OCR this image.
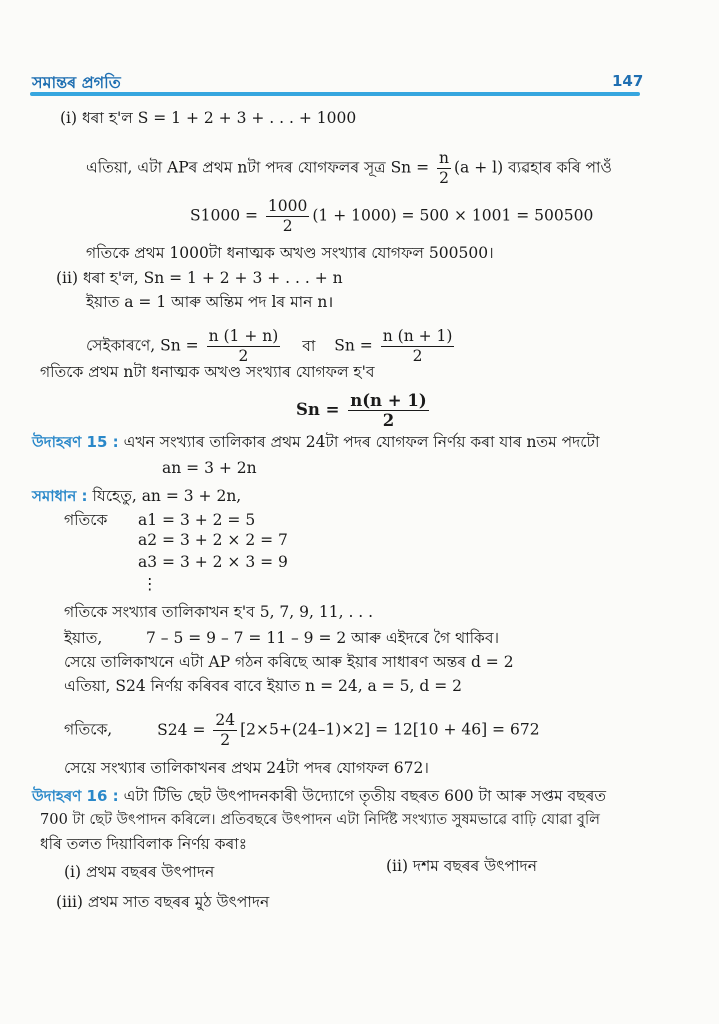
সমান্তৰ প্ৰগতি	147
(i) ধৰা হ'ল S = 1 + 2 + 3 + . . . + 1000
এতিয়া, এটা APৰ প্ৰথম nটা পদৰ যোগফলৰ সূত্ৰ $Sn = \frac{n}{2} (a + l)$ ব্যৱহাৰ কৰি পাওঁ
$S1000 = \frac{1000}{2} (1 + 1000) = 500 \times 1001 = 500500$
গতিকে প্ৰথম 1000টা ধনাত্মক অখণ্ড সংখ্যাৰ যোগফল 500500।
(ii) ধৰা হ'ল, Sn = 1 + 2 + 3 + . . . + n
ইয়াত a = 1 আৰু অন্তিম পদ lৰ মান n।
সেইকাৰণে, $Sn = \frac{n (1 + n)}{2}$ বা $Sn = \frac{n (n + 1)}{2}$
গতিকে প্ৰথম nটা ধনাত্মক অখণ্ড সংখ্যাৰ যোগফল হ'ব
$Sn = \frac{n(n + 1)}{2}$
উদাহৰণ 15 : এখন সংখ্যাৰ তালিকাৰ প্ৰথম 24টা পদৰ যোগফল নিৰ্ণয় কৰা যাৰ nতম পদটো
an = 3 + 2n
সমাধান : যিহেতু, an = 3 + 2n,
গতিকে a1 = 3 + 2 = 5
a2 = 3 + 2 × 2 = 7
a3 = 3 + 2 × 3 = 9
⋮
গতিকে সংখ্যাৰ তালিকাখন হ'ব 5, 7, 9, 11, . . .
ইয়াত,	7 – 5 = 9 – 7 = 11 – 9 = 2 আৰু এইদৰে গৈ থাকিব।
সেয়ে তালিকাখনে এটা AP গঠন কৰিছে আৰু ইয়াৰ সাধাৰণ অন্তৰ d = 2
এতিয়া, S24 নিৰ্ণয় কৰিবৰ বাবে ইয়াত n = 24, a = 5, d = 2
গতিকে,	$S24 = \frac{24}{2} [2\times 5+(24-1)\times 2] = 12[10 + 46] = 672$
সেয়ে সংখ্যাৰ তালিকাখনৰ প্ৰথম 24টা পদৰ যোগফল 672।
উদাহৰণ 16 : এটা টিভি ছেট উৎপাদনকাৰী উদ্যোগে তৃতীয় বছৰত 600 টা আৰু সপ্তম বছৰত
700 টা ছেট উৎপাদন কৰিলে। প্ৰতিবছৰে উৎপাদন এটা নিৰ্দিষ্ট সংখ্যাত সুষমভাৱে বাঢ়ি যোৱা বুলি
ধৰি তলত দিয়াবিলাক নিৰ্ণয় কৰাঃ
(i) প্ৰথম বছৰৰ উৎপাদন	(ii) দশম বছৰৰ উৎপাদন
(iii) প্ৰথম সাত বছৰৰ মুঠ উৎপাদন
